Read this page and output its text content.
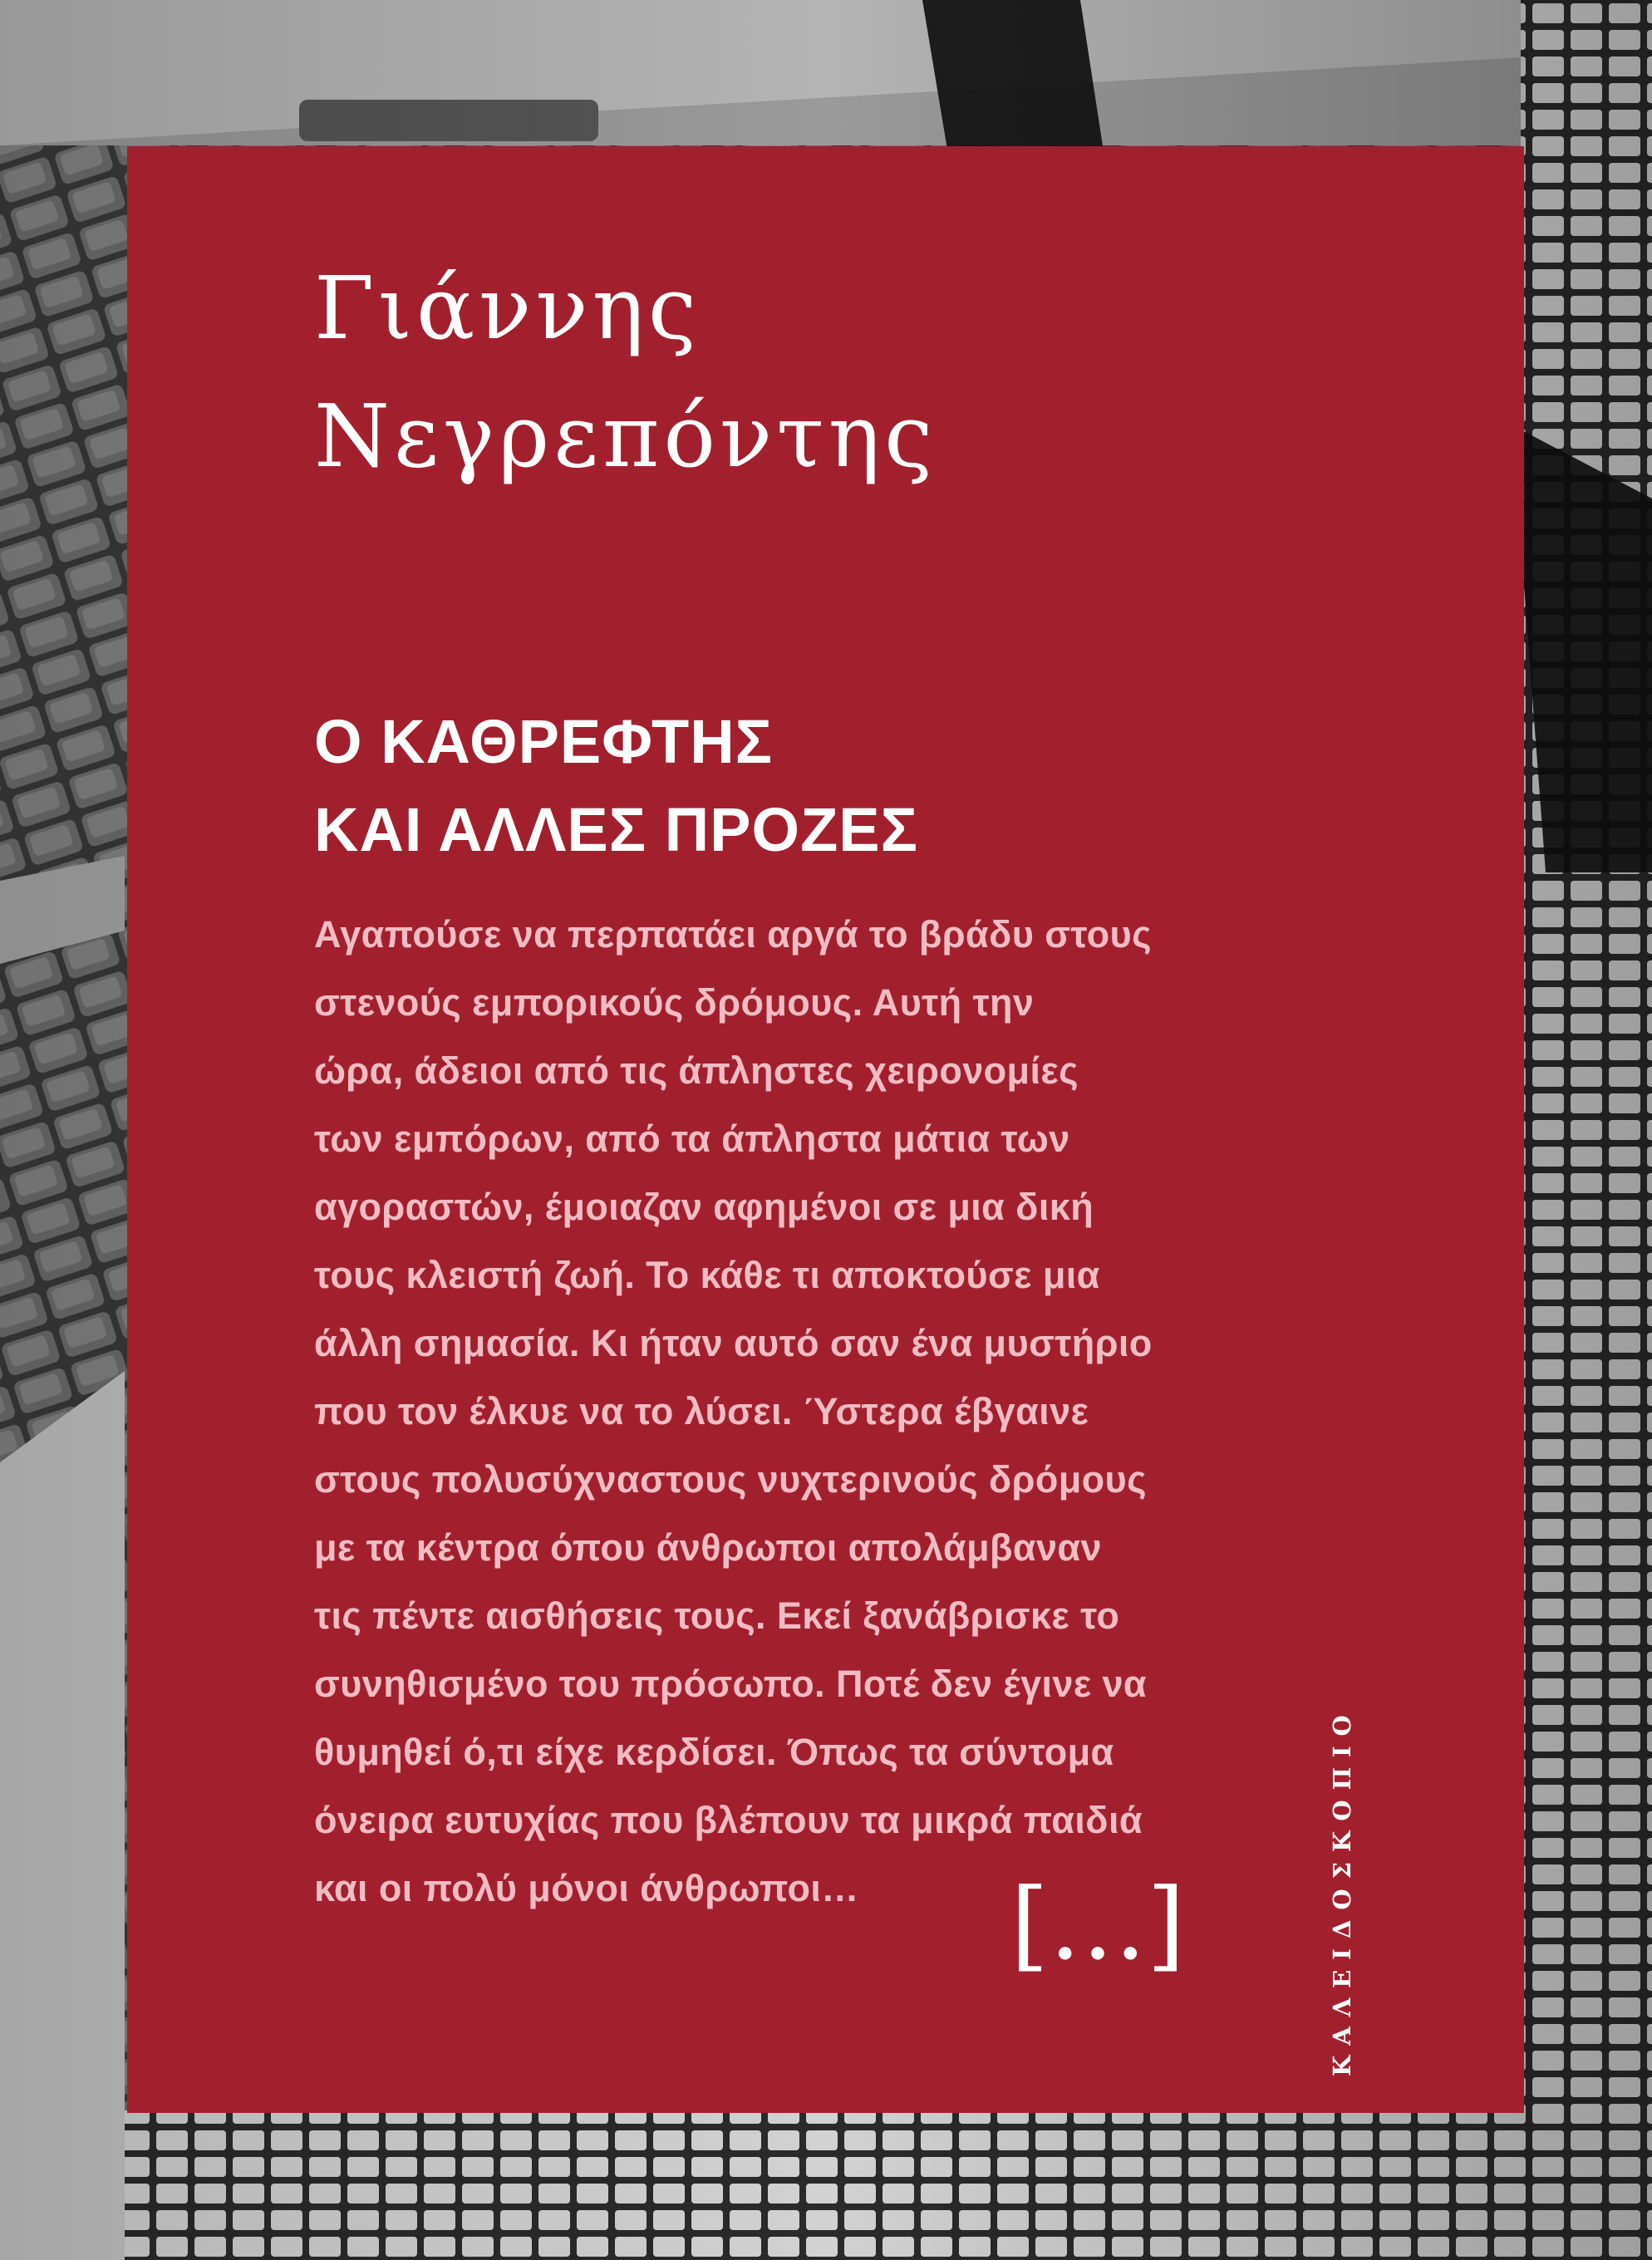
Γιάννης
Νεγρεπόντης
Ο ΚΑΘΡΕΦΤΗΣ
ΚΑΙ ΑΛΛΕΣ ΠΡΟΖΕΣ
Αγαπούσε να περπατάει αργά το βράδυ στους
στενούς εμπορικούς δρόμους. Αυτή την
ώρα, άδειοι από τις άπληστες χειρονομίες
των εμπόρων, από τα άπληστα μάτια των
αγοραστών, έμοιαζαν αφημένοι σε μια δική
τους κλειστή ζωή. Το κάθε τι αποκτούσε μια
άλλη σημασία. Κι ήταν αυτό σαν ένα μυστήριο
που τον έλκυε να το λύσει. Ύστερα έβγαινε
στους πολυσύχναστους νυχτερινούς δρόμους
με τα κέντρα όπου άνθρωποι απολάμβαναν
τις πέντε αισθήσεις τους. Εκεί ξανάβρισκε το
συνηθισμένο του πρόσωπο. Ποτέ δεν έγινε να
θυμηθεί ό,τι είχε κερδίσει. Όπως τα σύντομα
όνειρα ευτυχίας που βλέπουν τα μικρά παιδιά
και οι πολύ μόνοι άνθρωποι…	[…]	ΚΑΛΕΙΔΟΣΚΟΠΙΟ
